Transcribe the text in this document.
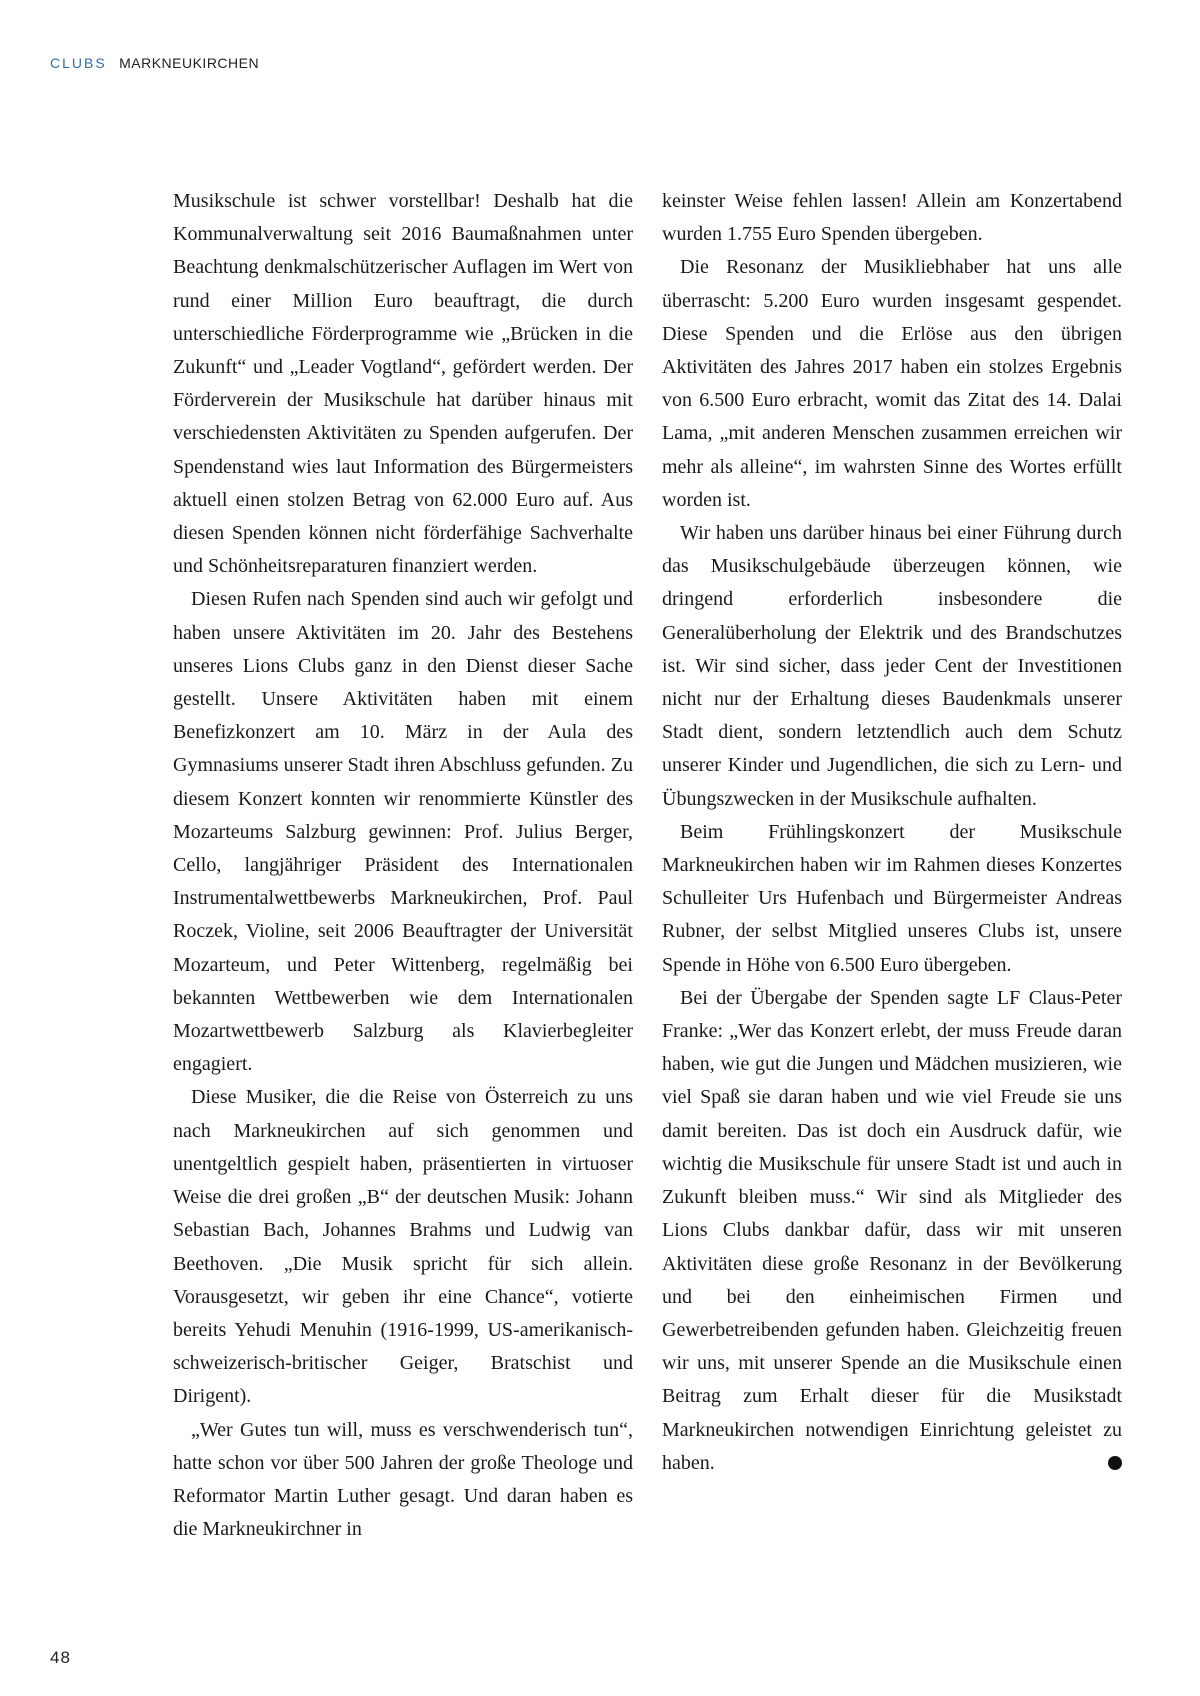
CLUBS MARKNEUKIRCHEN

Musikschule ist schwer vorstellbar! Deshalb hat die Kommunalverwaltung seit 2016 Baumaßnahmen unter Beachtung denkmalschützerischer Auflagen im Wert von rund einer Million Euro beauftragt, die durch unterschiedliche Förderprogramme wie „Brücken in die Zukunft“ und „Leader Vogtland“, gefördert werden. Der Förderverein der Musikschule hat darüber hinaus mit verschiedensten Aktivitäten zu Spenden aufgerufen. Der Spendenstand wies laut Information des Bürgermeisters aktuell einen stolzen Betrag von 62.000 Euro auf. Aus diesen Spenden können nicht förderfähige Sachverhalte und Schönheitsreparaturen finanziert werden.

Diesen Rufen nach Spenden sind auch wir gefolgt und haben unsere Aktivitäten im 20. Jahr des Bestehens unseres Lions Clubs ganz in den Dienst dieser Sache gestellt. Unsere Aktivitäten haben mit einem Benefizkonzert am 10. März in der Aula des Gymnasiums unserer Stadt ihren Abschluss gefunden. Zu diesem Konzert konnten wir renommierte Künstler des Mozarteums Salzburg gewinnen: Prof. Julius Berger, Cello, langjähriger Präsident des Internationalen Instrumentalwettbewerbs Markneukirchen, Prof. Paul Roczek, Violine, seit 2006 Beauftragter der Universität Mozarteum, und Peter Wittenberg, regelmäßig bei bekannten Wettbewerben wie dem Internationalen Mozartwettbewerb Salzburg als Klavierbegleiter engagiert.

Diese Musiker, die die Reise von Österreich zu uns nach Markneukirchen auf sich genommen und unentgeltlich gespielt haben, präsentierten in virtuoser Weise die drei großen „B“ der deutschen Musik: Johann Sebastian Bach, Johannes Brahms und Ludwig van Beethoven. „Die Musik spricht für sich allein. Vorausgesetzt, wir geben ihr eine Chance“, votierte bereits Yehudi Menuhin (1916-1999, US-amerikanisch-schweizerisch-britischer Geiger, Bratschist und Dirigent).

„Wer Gutes tun will, muss es verschwenderisch tun“, hatte schon vor über 500 Jahren der große Theologe und Reformator Martin Luther gesagt. Und daran haben es die Markneukirchner in

keinster Weise fehlen lassen! Allein am Konzertabend wurden 1.755 Euro Spenden übergeben.

Die Resonanz der Musikliebhaber hat uns alle überrascht: 5.200 Euro wurden insgesamt gespendet. Diese Spenden und die Erlöse aus den übrigen Aktivitäten des Jahres 2017 haben ein stolzes Ergebnis von 6.500 Euro erbracht, womit das Zitat des 14. Dalai Lama, „mit anderen Menschen zusammen erreichen wir mehr als alleine“, im wahrsten Sinne des Wortes erfüllt worden ist.

Wir haben uns darüber hinaus bei einer Führung durch das Musikschulgebäude überzeugen können, wie dringend erforderlich insbesondere die Generalüberholung der Elektrik und des Brandschutzes ist. Wir sind sicher, dass jeder Cent der Investitionen nicht nur der Erhaltung dieses Baudenkmals unserer Stadt dient, sondern letztendlich auch dem Schutz unserer Kinder und Jugendlichen, die sich zu Lern- und Übungszwecken in der Musikschule aufhalten.

Beim Frühlingskonzert der Musikschule Markneukirchen haben wir im Rahmen dieses Konzertes Schulleiter Urs Hufenbach und Bürgermeister Andreas Rubner, der selbst Mitglied unseres Clubs ist, unsere Spende in Höhe von 6.500 Euro übergeben.

Bei der Übergabe der Spenden sagte LF Claus-Peter Franke: „Wer das Konzert erlebt, der muss Freude daran haben, wie gut die Jungen und Mädchen musizieren, wie viel Spaß sie daran haben und wie viel Freude sie uns damit bereiten. Das ist doch ein Ausdruck dafür, wie wichtig die Musikschule für unsere Stadt ist und auch in Zukunft bleiben muss.“ Wir sind als Mitglieder des Lions Clubs dankbar dafür, dass wir mit unseren Aktivitäten diese große Resonanz in der Bevölkerung und bei den einheimischen Firmen und Gewerbetreibenden gefunden haben. Gleichzeitig freuen wir uns, mit unserer Spende an die Musikschule einen Beitrag zum Erhalt dieser für die Musikstadt Markneukirchen notwendigen Einrichtung geleistet zu haben.	L

48
